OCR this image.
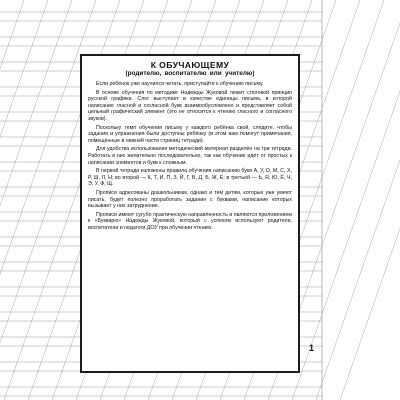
К ОБУЧАЮЩЕМУ

(родителю, воспитателю или учителю)

Если ребёнок уже научился читать, приступайте к обучению письму.

В основе обучения по методике Надежды Жуковой лежит слоговой принцип русской графики. Слог выступает в качестве единицы письма, в которой написание гласной и согласной букв взаимообусловлено и представляет собой цельный графический элемент (это не относится к чтению гласного и согласного звуков).

Поскольку темп обучения письму у каждого ребёнка свой, следите, чтобы задания и упражнения были доступны ребёнку (в этом вам помогут примечания, помещённые в нижней части страниц тетради).

Для удобства использования методический материал разделён на три тетради. Работать в них желательно последовательно, так как обучение идёт от простых к написании элементов и букв к сложным.

В первой тетради изложены правила обучения написанию букв А, У, О, М, С, Х, Р, Ш, Л, Н; во второй — К, Т, И, П, З, Й, Г, В, Д, Б, Ж, Е; в третьей — Ь, Я, Ю, Ё, Ч, Э, У, Ф, Щ.

Прописи адресованы дошкольникам, однако и тем детям, которые уже умеют писать, будет полезно проработать задания с буквами, написание которых вызывает у них затруднение.

Прописи имеют сугубо практическую направленность и являются приложением к «Букварю» Надежды Жуковой, который с успехом используют родители, воспитатели и педагоги ДОУ при обучении чтению.

1
